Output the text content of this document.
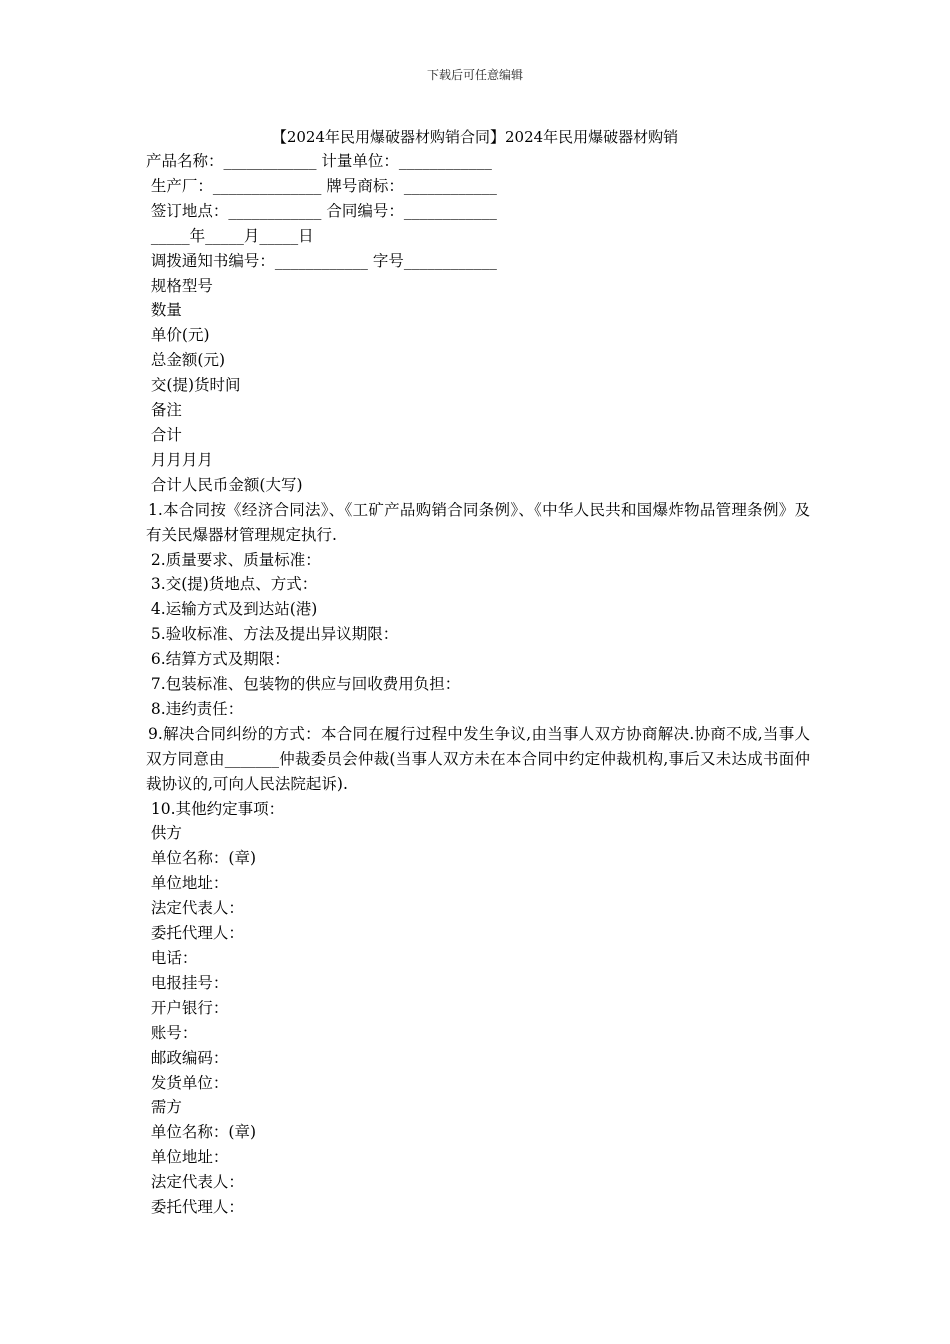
下载后可任意编辑
【2024年民用爆破器材购销合同】2024年民用爆破器材购销

产品名称：____________ 计量单位：____________

生产厂：______________ 牌号商标：____________

签订地点：____________ 合同编号：____________

_____年_____月_____日

调拨通知书编号：____________ 字号____________

规格型号

数量

单价(元)

总金额(元)

交(提)货时间

备注

合计

月月月月

合计人民币金额(大写)

1.本合同按《经济合同法》、《工矿产品购销合同条例》、《中华人民共和国爆炸物品管理条例》及有关民爆器材管理规定执行.

2.质量要求、质量标准：

3.交(提)货地点、方式：

4.运输方式及到达站(港)

5.验收标准、方法及提出异议期限：

6.结算方式及期限：

7.包装标准、包装物的供应与回收费用负担：

8.违约责任：

9.解决合同纠纷的方式：本合同在履行过程中发生争议,由当事人双方协商解决.协商不成,当事人双方同意由_______仲裁委员会仲裁(当事人双方未在本合同中约定仲裁机构,事后又未达成书面仲裁协议的,可向人民法院起诉).

10.其他约定事项：

供方

单位名称：(章)

单位地址：

法定代表人：

委托代理人：

电话：

电报挂号：

开户银行：

账号：

邮政编码：

发货单位：

需方

单位名称：(章)

单位地址：

法定代表人：

委托代理人：
